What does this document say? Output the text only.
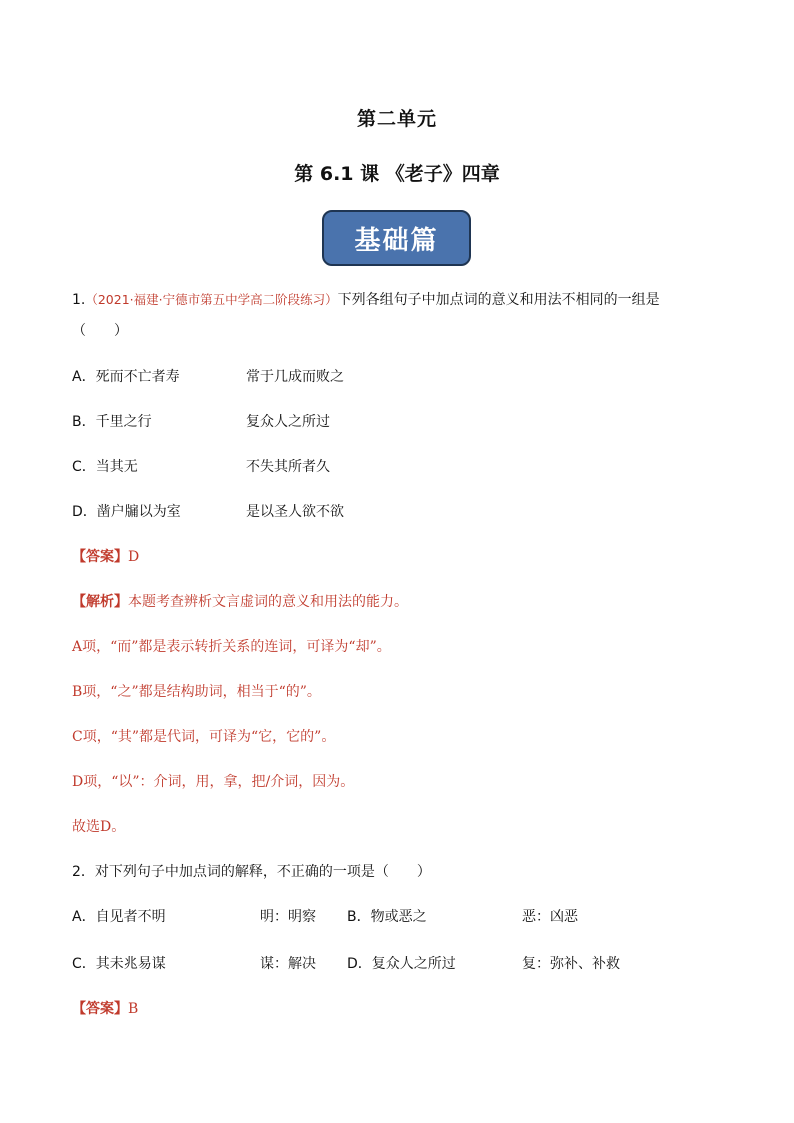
第二单元
第 6.1 课 《老子》四章
基础篇
1.（2021·福建·宁德市第五中学高二阶段练习）下列各组句子中加点词的意义和用法不相同的一组是
（　　）
A．死而不亡者寿	常于几成而败之
B．千里之行	复众人之所过
C．当其无	不失其所者久
D．凿户牖以为室	是以圣人欲不欲
【答案】D
【解析】本题考查辨析文言虚词的意义和用法的能力。
A项，“而”都是表示转折关系的连词，可译为“却”。
B项，“之”都是结构助词，相当于“的”。
C项，“其”都是代词，可译为“它，它的”。
D项，“以”：介词，用，拿，把/介词，因为。
故选D。
2．对下列句子中加点词的解释，不正确的一项是（　　）
A．自见者不明	明：明察 B．物或恶之	恶：凶恶
C．其未兆易谋	谋：解决 D．复众人之所过	复：弥补、补救
【答案】B
